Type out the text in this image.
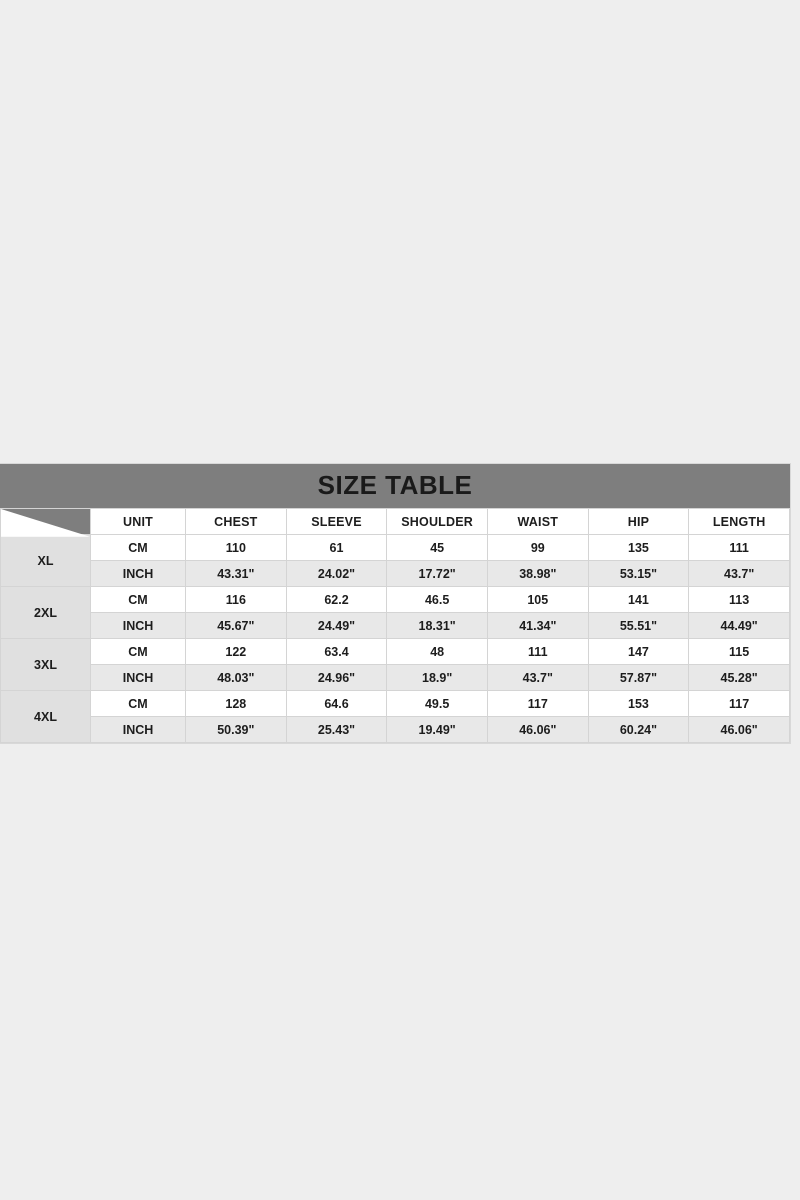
SIZE TABLE
	UNIT	CHEST	SLEEVE	SHOULDER	WAIST	HIP	LENGTH
XL	CM	110	61	45	99	135	111
	INCH	43.31"	24.02"	17.72"	38.98"	53.15"	43.7"
2XL	CM	116	62.2	46.5	105	141	113
	INCH	45.67"	24.49"	18.31"	41.34"	55.51"	44.49"
3XL	CM	122	63.4	48	111	147	115
	INCH	48.03"	24.96"	18.9"	43.7"	57.87"	45.28"
4XL	CM	128	64.6	49.5	117	153	117
	INCH	50.39"	25.43"	19.49"	46.06"	60.24"	46.06"
